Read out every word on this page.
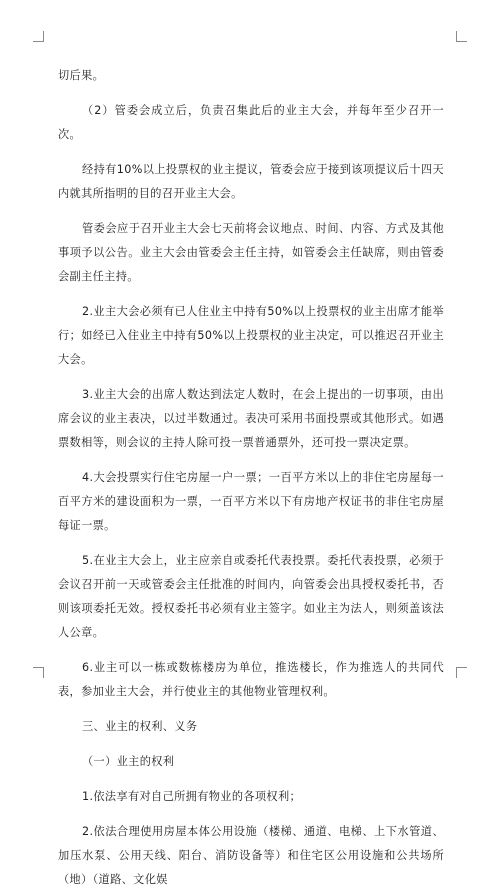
切后果。

（2）管委会成立后，负责召集此后的业主大会，并每年至少召开一次。

经持有10%以上投票权的业主提议，管委会应于接到该项提议后十四天内就其所指明的目的召开业主大会。

管委会应于召开业主大会七天前将会议地点、时间、内容、方式及其他事项予以公告。业主大会由管委会主任主持，如管委会主任缺席，则由管委会副主任主持。

2.业主大会必须有已人住业主中持有50%以上投票权的业主出席才能举行；如经已入住业主中持有50%以上投票权的业主决定，可以推迟召开业主大会。

3.业主大会的出席人数达到法定人数时，在会上提出的一切事项，由出席会议的业主表决，以过半数通过。表决可采用书面投票或其他形式。如遇票数相等，则会议的主持人除可投一票普通票外，还可投一票决定票。

4.大会投票实行住宅房屋一户一票；一百平方米以上的非住宅房屋每一百平方米的建设面积为一票，一百平方米以下有房地产权证书的非住宅房屋每证一票。

5.在业主大会上，业主应亲自或委托代表投票。委托代表投票，必须于会议召开前一天或管委会主任批准的时间内，向管委会出具授权委托书，否则该项委托无效。授权委托书必须有业主签字。如业主为法人，则须盖该法人公章。

6.业主可以一栋或数栋楼房为单位，推选楼长，作为推选人的共同代表，参加业主大会，并行使业主的其他物业管理权利。

三、业主的权利、义务

（一）业主的权利

1.依法享有对自己所拥有物业的各项权利；

2.依法合理使用房屋本体公用设施（楼梯、通道、电梯、上下水管道、加压水泵、公用天线、阳台、消防设备等）和住宅区公用设施和公共场所（地）（道路、文化娱
